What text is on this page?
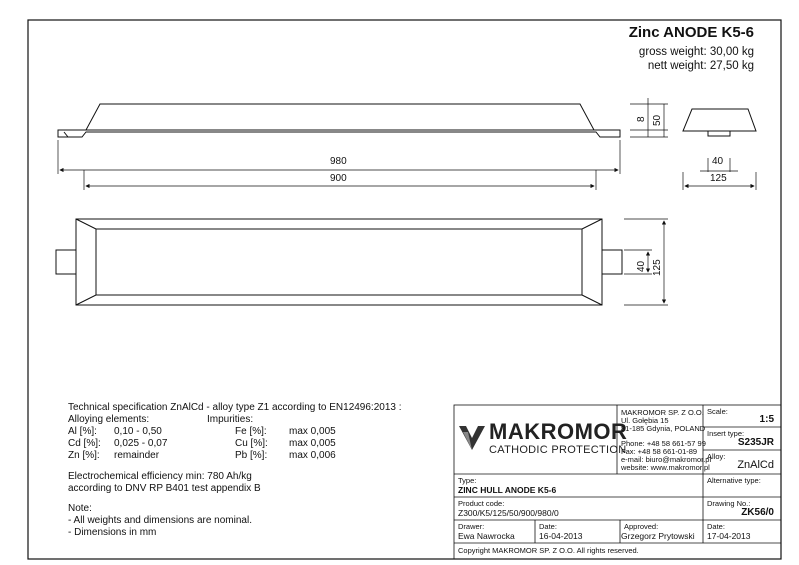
Zinc ANODE K5-6
gross weight: 30,00 kg
nett weight: 27,50 kg
980
900
8 50
40
125
40 125
Technical specification ZnAlCd - alloy type Z1 according to EN12496:2013 :
Alloying elements:	Impurities:
Al [%]: 0,10 - 0,50	Fe [%]: max 0,005
Cd [%]: 0,025 - 0,07	Cu [%]: max 0,005
Zn [%]: remainder	Pb [%]: max 0,006
Electrochemical efficiency min: 780 Ah/kg
according to DNV RP B401 test appendix B
Note:
- All weights and dimensions are nominal.
- Dimensions in mm
MAKROMOR
CATHODIC PROTECTION
MAKROMOR SP. Z O.O.
Ul. Gołębia 15
81-185 Gdynia, POLAND
Phone: +48 58 661-57 99
Fax: +48 58 661-01-89
e-mail: biuro@makromor.pl
website: www.makromor.pl
Scale:
1:5
Insert type:
S235JR
Alloy:
ZnAlCd
Alternative type:
Type:
ZINC HULL ANODE K5-6
Product code:
Z300/K5/125/50/900/980/0
Drawing No.:
ZK56/0
Drawer:
Ewa Nawrocka
Date:
16-04-2013
Approved:
Grzegorz Prytowski
Date:
17-04-2013
Copyright MAKROMOR SP. Z O.O. All rights reserved.
